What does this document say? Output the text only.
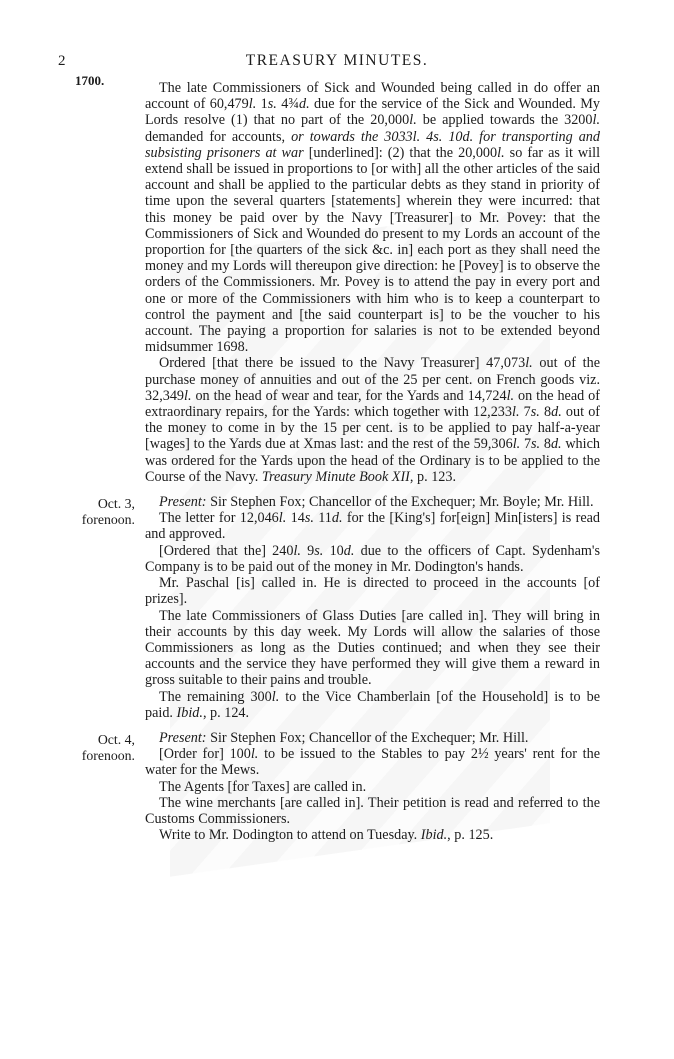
2	TREASURY MINUTES.
1700.	The late Commissioners of Sick and Wounded being called in do offer an account of 60,479l. 1s. 4¾d. due for the service of the Sick and Wounded. My Lords resolve (1) that no part of the 20,000l. be applied towards the 3200l. demanded for accounts, or towards the 3033l. 4s. 10d. for transporting and subsisting prisoners at war [underlined]: (2) that the 20,000l. so far as it will extend shall be issued in proportions to [or with] all the other articles of the said account and shall be applied to the particular debts as they stand in priority of time upon the several quarters [statements] wherein they were incurred: that this money be paid over by the Navy [Treasurer] to Mr. Povey: that the Commissioners of Sick and Wounded do present to my Lords an account of the proportion for [the quarters of the sick &c. in] each port as they shall need the money and my Lords will thereupon give direction: he [Povey] is to observe the orders of the Commissioners. Mr. Povey is to attend the pay in every port and one or more of the Commissioners with him who is to keep a counterpart to control the payment and [the said counterpart is] to be the voucher to his account. The paying a proportion for salaries is not to be extended beyond midsummer 1698.

Ordered [that there be issued to the Navy Treasurer] 47,073l. out of the purchase money of annuities and out of the 25 per cent. on French goods viz. 32,349l. on the head of wear and tear, for the Yards and 14,724l. on the head of extraordinary repairs, for the Yards: which together with 12,233l. 7s. 8d. out of the money to come in by the 15 per cent. is to be applied to pay half-a-year [wages] to the Yards due at Xmas last: and the rest of the 59,306l. 7s. 8d. which was ordered for the Yards upon the head of the Ordinary is to be applied to the Course of the Navy. Treasury Minute Book XII, p. 123.

Oct. 3,
forenoon.

Present: Sir Stephen Fox; Chancellor of the Exchequer; Mr. Boyle; Mr. Hill.

The letter for 12,046l. 14s. 11d. for the [King's] for[eign] Min[isters] is read and approved.

[Ordered that the] 240l. 9s. 10d. due to the officers of Capt. Sydenham's Company is to be paid out of the money in Mr. Dodington's hands.

Mr. Paschal [is] called in. He is directed to proceed in the accounts [of prizes].

The late Commissioners of Glass Duties [are called in]. They will bring in their accounts by this day week. My Lords will allow the salaries of those Commissioners as long as the Duties continued; and when they see their accounts and the service they have performed they will give them a reward in gross suitable to their pains and trouble.

The remaining 300l. to the Vice Chamberlain [of the Household] is to be paid. Ibid., p. 124.

Oct. 4,
forenoon.

Present: Sir Stephen Fox; Chancellor of the Exchequer; Mr. Hill.

[Order for] 100l. to be issued to the Stables to pay 2½ years' rent for the water for the Mews.

The Agents [for Taxes] are called in.

The wine merchants [are called in]. Their petition is read and referred to the Customs Commissioners.

Write to Mr. Dodington to attend on Tuesday. Ibid., p. 125.
